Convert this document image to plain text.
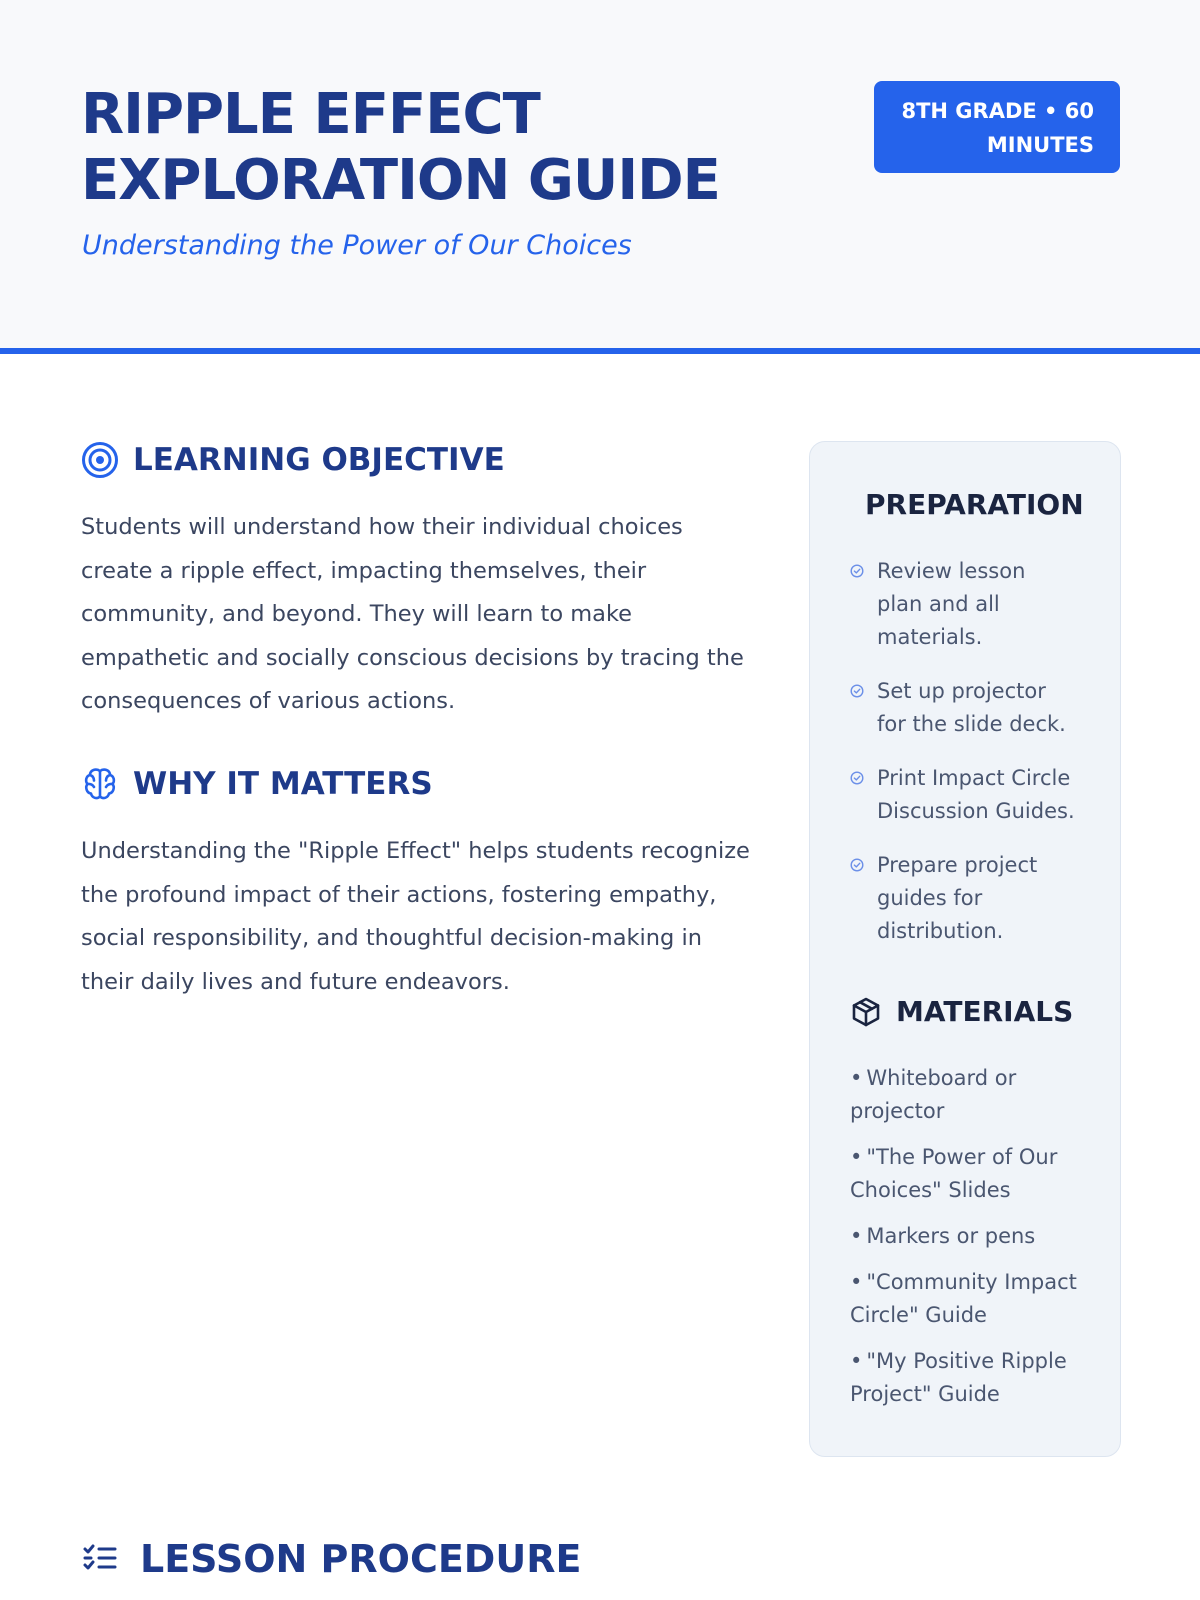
RIPPLE EFFECT EXPLORATION GUIDE
Understanding the Power of Our Choices
8TH GRADE • 60 MINUTES
LEARNING OBJECTIVE

Students will understand how their individual choices create a ripple effect, impacting themselves, their community, and beyond. They will learn to make empathetic and socially conscious decisions by tracing the consequences of various actions.

WHY IT MATTERS

Understanding the "Ripple Effect" helps students recognize the profound impact of their actions, fostering empathy, social responsibility, and thoughtful decision-making in their daily lives and future endeavors.

PREPARATION
Review lesson plan and all materials.
Set up projector for the slide deck.
Print Impact Circle Discussion Guides.
Prepare project guides for distribution.
MATERIALS
• Whiteboard or projector
• "The Power of Our Choices" Slides
• Markers or pens
• "Community Impact Circle" Guide
• "My Positive Ripple Project" Guide
LESSON PROCEDURE
